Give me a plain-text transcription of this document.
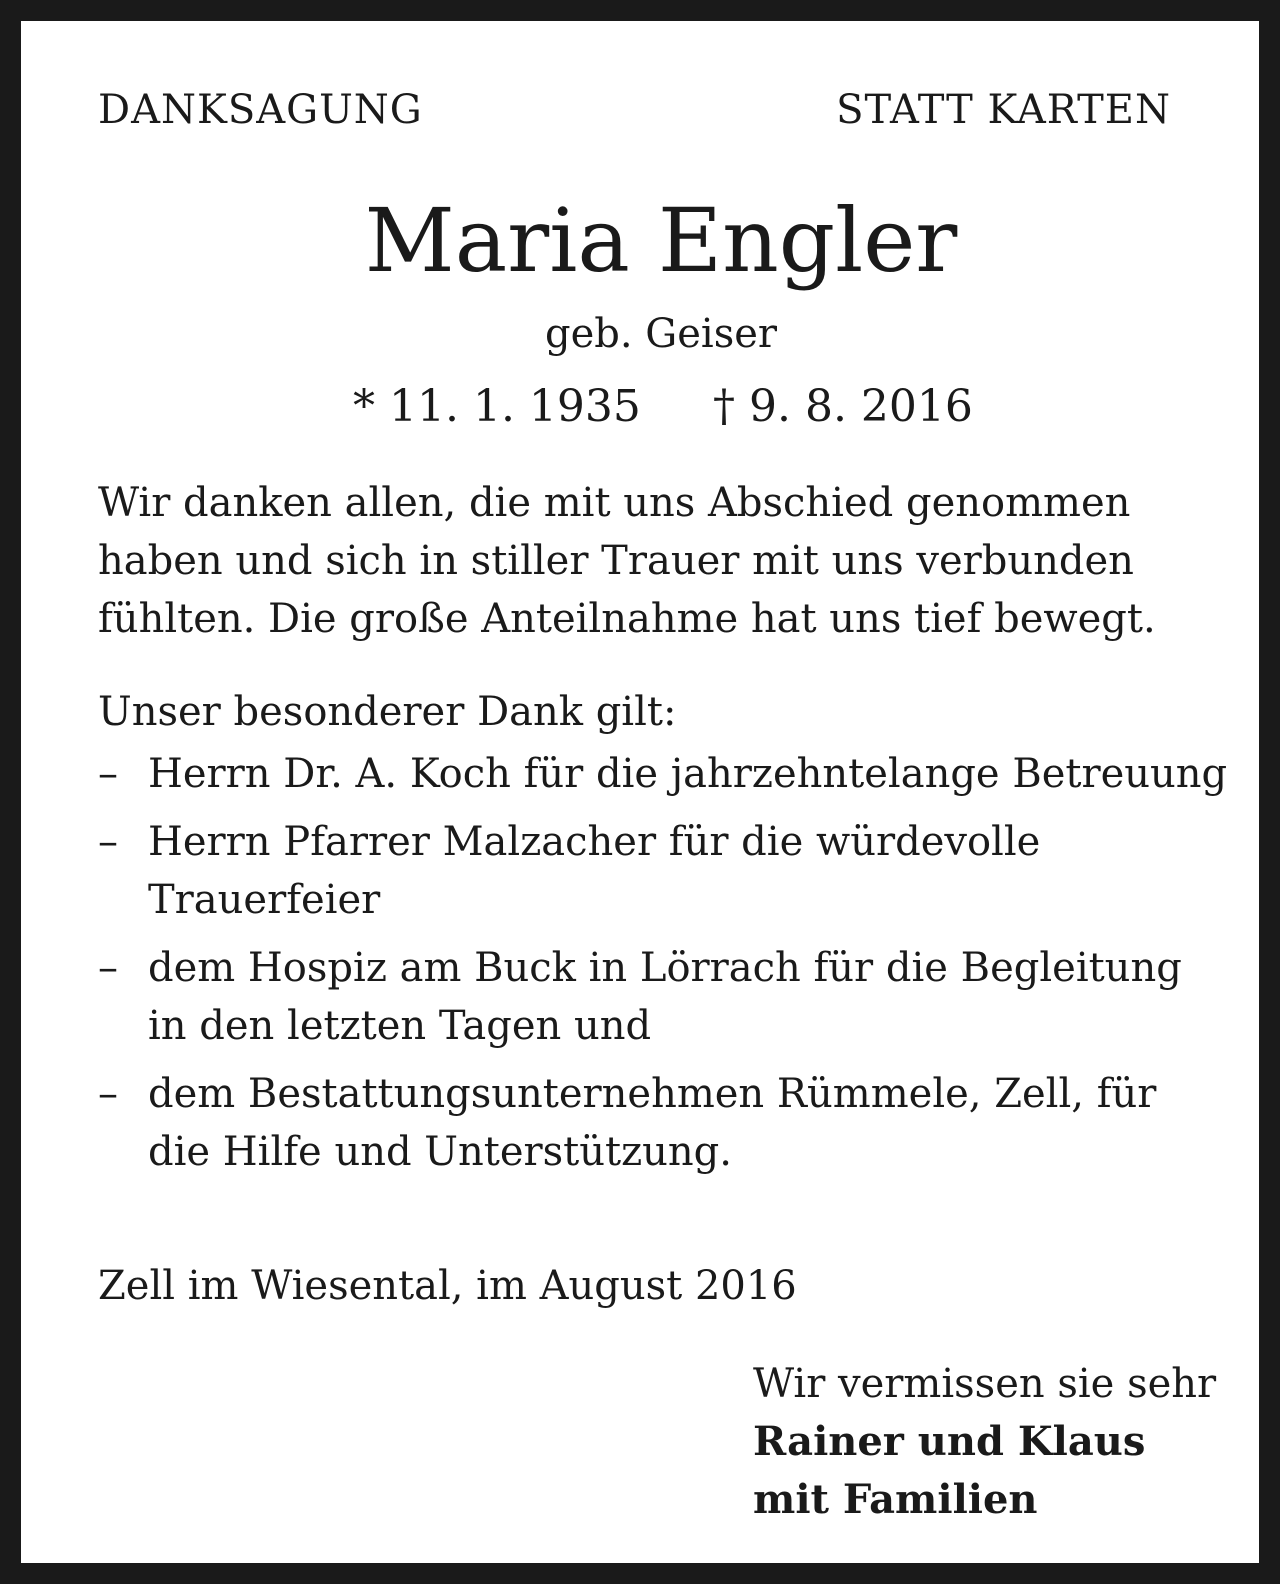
DANKSAGUNG	STATT KARTEN
Maria Engler
geb. Geiser
* 11. 1. 1935 † 9. 8. 2016
Wir danken allen, die mit uns Abschied genommen haben und sich in stiller Trauer mit uns verbunden fühlten. Die große Anteilnahme hat uns tief bewegt.
Unser besonderer Dank gilt:
– Herrn Dr. A. Koch für die jahrzehntelange Betreuung
– Herrn Pfarrer Malzacher für die würdevolle Trauerfeier
– dem Hospiz am Buck in Lörrach für die Begleitung in den letzten Tagen und
– dem Bestattungsunternehmen Rümmele, Zell, für die Hilfe und Unterstützung.
Zell im Wiesental, im August 2016
Wir vermissen sie sehr
Rainer und Klaus
mit Familien
